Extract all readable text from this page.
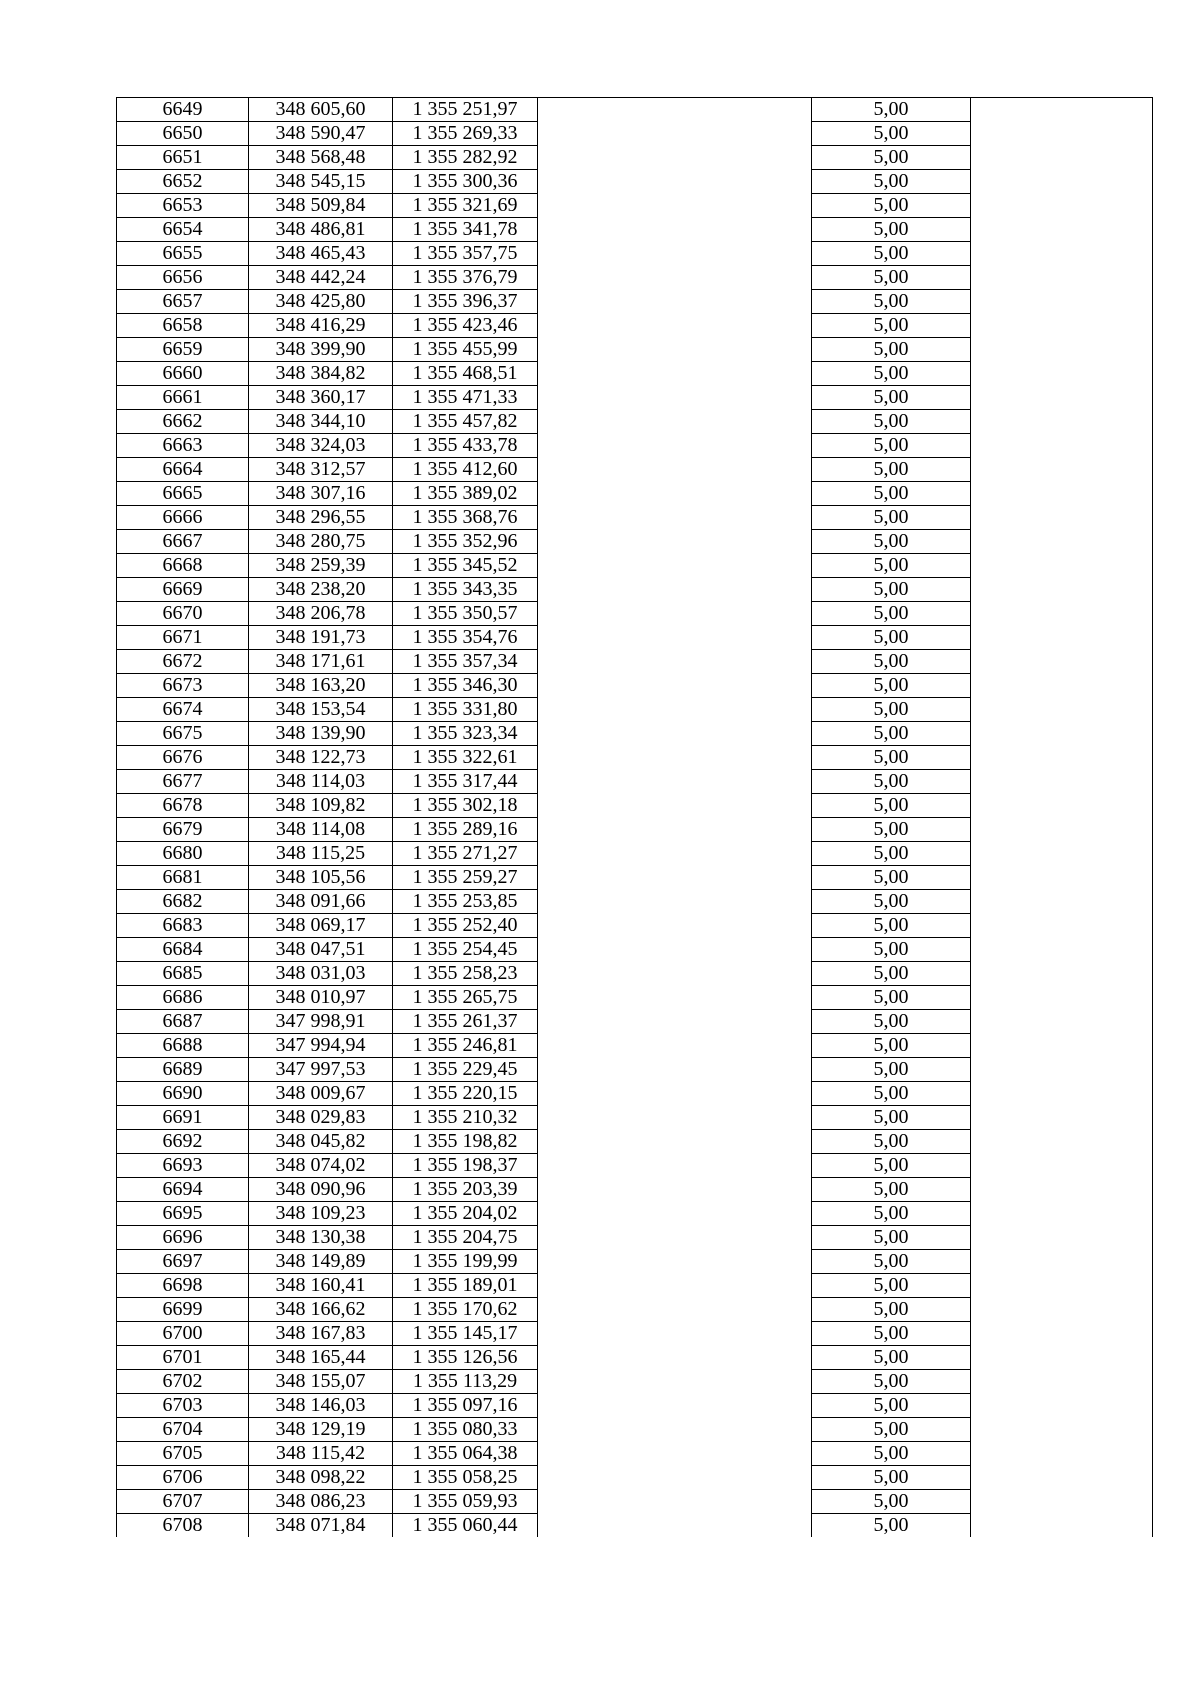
6649	348 605,60	1 355 251,97		5,00	
6650	348 590,47	1 355 269,33		5,00	
6651	348 568,48	1 355 282,92		5,00	
6652	348 545,15	1 355 300,36		5,00	
6653	348 509,84	1 355 321,69		5,00	
6654	348 486,81	1 355 341,78		5,00	
6655	348 465,43	1 355 357,75		5,00	
6656	348 442,24	1 355 376,79		5,00	
6657	348 425,80	1 355 396,37		5,00	
6658	348 416,29	1 355 423,46		5,00	
6659	348 399,90	1 355 455,99		5,00	
6660	348 384,82	1 355 468,51		5,00	
6661	348 360,17	1 355 471,33		5,00	
6662	348 344,10	1 355 457,82		5,00	
6663	348 324,03	1 355 433,78		5,00	
6664	348 312,57	1 355 412,60		5,00	
6665	348 307,16	1 355 389,02		5,00	
6666	348 296,55	1 355 368,76		5,00	
6667	348 280,75	1 355 352,96		5,00	
6668	348 259,39	1 355 345,52		5,00	
6669	348 238,20	1 355 343,35		5,00	
6670	348 206,78	1 355 350,57		5,00	
6671	348 191,73	1 355 354,76		5,00	
6672	348 171,61	1 355 357,34		5,00	
6673	348 163,20	1 355 346,30		5,00	
6674	348 153,54	1 355 331,80		5,00	
6675	348 139,90	1 355 323,34		5,00	
6676	348 122,73	1 355 322,61		5,00	
6677	348 114,03	1 355 317,44		5,00	
6678	348 109,82	1 355 302,18		5,00	
6679	348 114,08	1 355 289,16		5,00	
6680	348 115,25	1 355 271,27		5,00	
6681	348 105,56	1 355 259,27		5,00	
6682	348 091,66	1 355 253,85		5,00	
6683	348 069,17	1 355 252,40		5,00	
6684	348 047,51	1 355 254,45		5,00	
6685	348 031,03	1 355 258,23		5,00	
6686	348 010,97	1 355 265,75		5,00	
6687	347 998,91	1 355 261,37		5,00	
6688	347 994,94	1 355 246,81		5,00	
6689	347 997,53	1 355 229,45		5,00	
6690	348 009,67	1 355 220,15		5,00	
6691	348 029,83	1 355 210,32		5,00	
6692	348 045,82	1 355 198,82		5,00	
6693	348 074,02	1 355 198,37		5,00	
6694	348 090,96	1 355 203,39		5,00	
6695	348 109,23	1 355 204,02		5,00	
6696	348 130,38	1 355 204,75		5,00	
6697	348 149,89	1 355 199,99		5,00	
6698	348 160,41	1 355 189,01		5,00	
6699	348 166,62	1 355 170,62		5,00	
6700	348 167,83	1 355 145,17		5,00	
6701	348 165,44	1 355 126,56		5,00	
6702	348 155,07	1 355 113,29		5,00	
6703	348 146,03	1 355 097,16		5,00	
6704	348 129,19	1 355 080,33		5,00	
6705	348 115,42	1 355 064,38		5,00	
6706	348 098,22	1 355 058,25		5,00	
6707	348 086,23	1 355 059,93		5,00	
6708	348 071,84	1 355 060,44		5,00	
